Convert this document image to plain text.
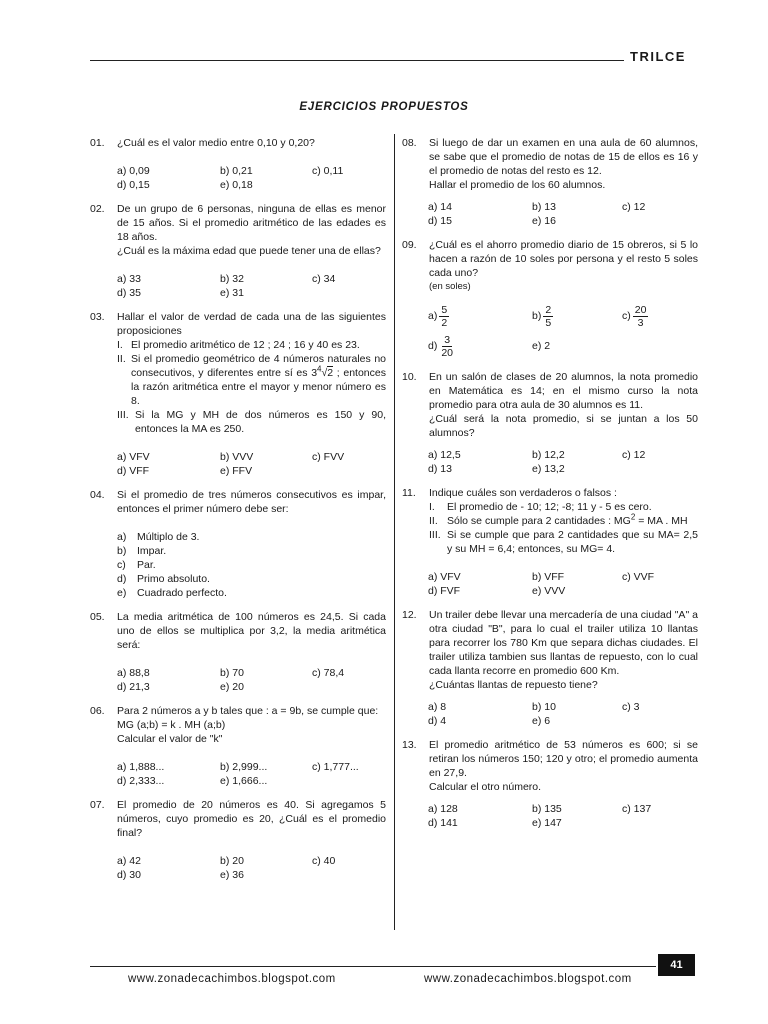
TRILCE
EJERCICIOS PROPUESTOS
01.	¿Cuál es el valor medio entre 0,10 y 0,20?
a) 0,09	b) 0,21	c) 0,11
d) 0,15	e) 0,18
02.	De un grupo de 6 personas, ninguna de ellas es menor de 15 años. Si el promedio aritmético de las edades es 18 años.
¿Cuál es la máxima edad que puede tener una de ellas?
a) 33	b) 32	c) 34
d) 35	e) 31
03.	Hallar el valor de verdad de cada una de las siguientes proposiciones
I. El promedio aritmético de 12 ; 24 ; 16 y 40 es 23.
II. Si el promedio geométrico de 4 números naturales no consecutivos, y diferentes entre sí es $3^4√2$ ; entonces la razón aritmética entre el mayor y menor número es 8.
III. Si la MG y MH de dos números es 150 y 90, entonces la MA es 250.
a) VFV	b) VVV	c) FVV
d) VFF	e) FFV
04.	Si el promedio de tres números consecutivos es impar, entonces el primer número debe ser:
a)	Múltiplo de 3.
b)	Impar.
c)	Par.
d)	Primo absoluto.
e)	Cuadrado perfecto.
05.	La media aritmética de 100 números es 24,5. Si cada uno de ellos se multiplica por 3,2, la media aritmética será:
a) 88,8	b) 70	c) 78,4
d) 21,3	e) 20
06.	Para 2 números a y b tales que : a = 9b, se cumple que:
MG (a;b) = k . MH (a;b)
Calcular el valor de "k"
a) 1,888...	b) 2,999...	c) 1,777...
d) 2,333...	e) 1,666...
07.	El promedio de 20 números es 40. Si agregamos 5 números, cuyo promedio es 20, ¿Cuál es el promedio final?
a) 42	b) 20	c) 40
d) 30	e) 36
08.	Si luego de dar un examen en una aula de 60 alumnos, se sabe que el promedio de notas de 15 de ellos es 16 y el promedio de notas del resto es 12.
Hallar el promedio de los 60 alumnos.
a) 14	b) 13	c) 12
d) 15	e) 16
09.	¿Cuál es el ahorro promedio diario de 15 obreros, si 5 lo hacen a razón de 10 soles por persona y el resto 5 soles cada uno?
(en soles)
$a) \frac{5}{2}$	$b) \frac{2}{5}$	$c) \frac{20}{3}$
$d) \frac{3}{20}$	e) 2
10.	En un salón de clases de 20 alumnos, la nota promedio en Matemática es 14; en el mismo curso la nota promedio para otra aula de 30 alumnos es 11.
¿Cuál será la nota promedio, si se juntan a los 50 alumnos?
a) 12,5	b) 12,2	c) 12
d) 13	e) 13,2
11.	Indique cuáles son verdaderos o falsos :
I.	El promedio de - 10; 12; -8; 11 y - 5 es cero.
II. Sólo se cumple para 2 cantidades : $MG^2$ = MA . MH
III. Si se cumple que para 2 cantidades que su MA= 2,5 y su MH = 6,4; entonces, su MG= 4.
a) VFV	b) VFF	c) VVF
d) FVF	e) VVV
12.	Un trailer debe llevar una mercadería de una ciudad "A" a otra ciudad "B", para lo cual el trailer utiliza 10 llantas para recorrer los 780 Km que separa dichas ciudades. El trailer utiliza tambien sus llantas de repuesto, con lo cual cada llanta recorre en promedio 600 Km.
¿Cuántas llantas de repuesto tiene?
a) 8	b) 10	c) 3
d) 4	e) 6
13.	El promedio aritmético de 53 números es 600; si se retiran los números 150; 120 y otro; el promedio aumenta en 27,9.
Calcular el otro número.
a) 128	b) 135	c) 137
d) 141	e) 147
41
www.zonadecachimbos.blogspot.com	www.zonadecachimbos.blogspot.com
